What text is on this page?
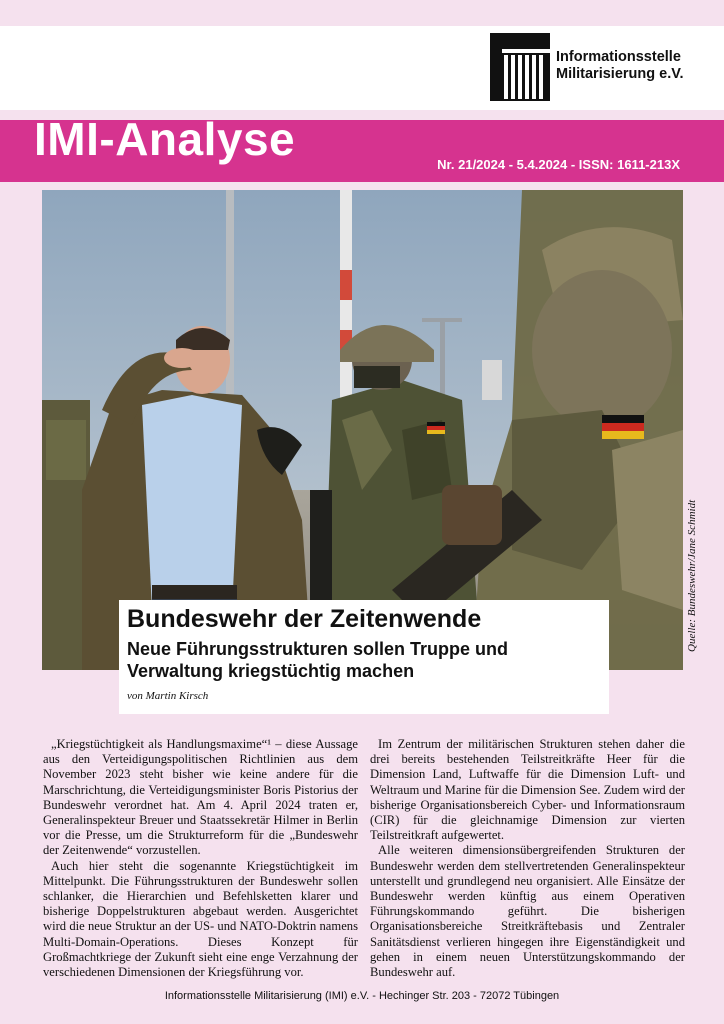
Informationsstelle
Militarisierung e.V.
IMI-Analyse	Nr. 21/2024 - 5.4.2024 - ISSN: 1611-213X
Quelle: Bundeswehr/Jane Schmidt
Bundeswehr der Zeitenwende
Neue Führungsstrukturen sollen Truppe und Verwaltung kriegstüchtig machen
von Martin Kirsch

„Kriegstüchtigkeit als Handlungsmaxime“¹ – diese Aussage aus den Verteidigungspolitischen Richtlinien aus dem November 2023 steht bisher wie keine andere für die Marschrichtung, die Verteidigungsminister Boris Pistorius der Bundeswehr verordnet hat. Am 4. April 2024 traten er, Generalinspekteur Breuer und Staatssekretär Hilmer in Berlin vor die Presse, um die Strukturreform für die „Bundeswehr der Zeitenwende“ vorzustellen.

Auch hier steht die sogenannte Kriegstüchtigkeit im Mittelpunkt. Die Führungsstrukturen der Bundeswehr sollen schlanker, die Hierarchien und Befehlsketten klarer und bisherige Doppelstrukturen abgebaut werden. Ausgerichtet wird die neue Struktur an der US- und NATO-Doktrin namens Multi-Domain-Operations. Dieses Konzept für Großmachtkriege der Zukunft sieht eine enge Verzahnung der verschiedenen Dimensionen der Kriegsführung vor.

Im Zentrum der militärischen Strukturen stehen daher die drei bereits bestehenden Teilstreitkräfte Heer für die Dimension Land, Luftwaffe für die Dimension Luft- und Weltraum und Marine für die Dimension See. Zudem wird der bisherige Organisationsbereich Cyber- und Informationsraum (CIR) für die gleichnamige Dimension zur vierten Teilstreitkraft aufgewertet.

Alle weiteren dimensionsübergreifenden Strukturen der Bundeswehr werden dem stellvertretenden Generalinspekteur unterstellt und grundlegend neu organisiert. Alle Einsätze der Bundeswehr werden künftig aus einem Operativen Führungskommando geführt. Die bisherigen Organisationsbereiche Streitkräftebasis und Zentraler Sanitätsdienst verlieren hingegen ihre Eigenständigkeit und gehen in einem neuen Unterstützungskommando der Bundeswehr auf.

Informationsstelle Militarisierung (IMI) e.V. - Hechinger Str. 203 - 72072 Tübingen
